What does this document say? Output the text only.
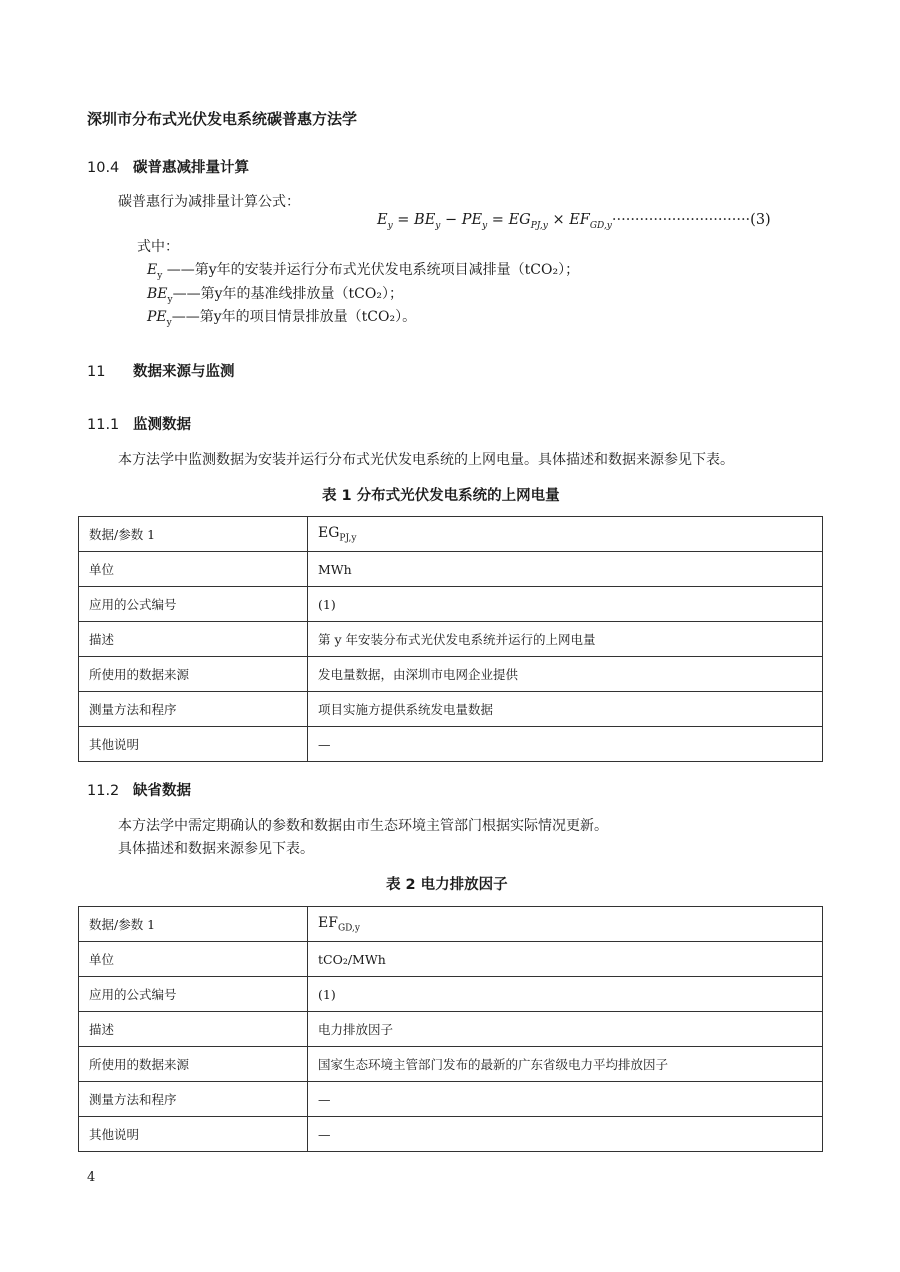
深圳市分布式光伏发电系统碳普惠方法学
10.4 碳普惠减排量计算
碳普惠行为减排量计算公式：
$E_y = BE_y - PE_y = EG_{PJ,y} \times EF_{GD,y}\cdot\cdot\cdot\cdot\cdot\cdot\cdot\cdot\cdot\cdot\cdot\cdot\cdot\cdot\cdot\cdot\cdot\cdot\cdot\cdot\cdot\cdot\cdot\cdot\cdot\cdot\cdot\cdot\cdot\cdot(3)$
式中：
$E_y$ ——第y年的安装并运行分布式光伏发电系统项目减排量（tCO₂）；
$BE_y——$第y年的基准线排放量（tCO₂）；
$PE_y——$第y年的项目情景排放量（tCO₂）。
11 数据来源与监测
11.1 监测数据
本方法学中监测数据为安装并运行分布式光伏发电系统的上网电量。具体描述和数据来源参见下表。
表 1 分布式光伏发电系统的上网电量
数据/参数 1	$EG_{PJ,y}$
单位	MWh
应用的公式编号	(1)
描述	第 y 年安装分布式光伏发电系统并运行的上网电量
所使用的数据来源	发电量数据，由深圳市电网企业提供
测量方法和程序	项目实施方提供系统发电量数据
其他说明	—
11.2 缺省数据
本方法学中需定期确认的参数和数据由市生态环境主管部门根据实际情况更新。
具体描述和数据来源参见下表。
表 2 电力排放因子
数据/参数 1	$EF_{GD,y}$
单位	tCO₂/MWh
应用的公式编号	(1)
描述	电力排放因子
所使用的数据来源	国家生态环境主管部门发布的最新的广东省级电力平均排放因子
测量方法和程序	—
其他说明	—
4
